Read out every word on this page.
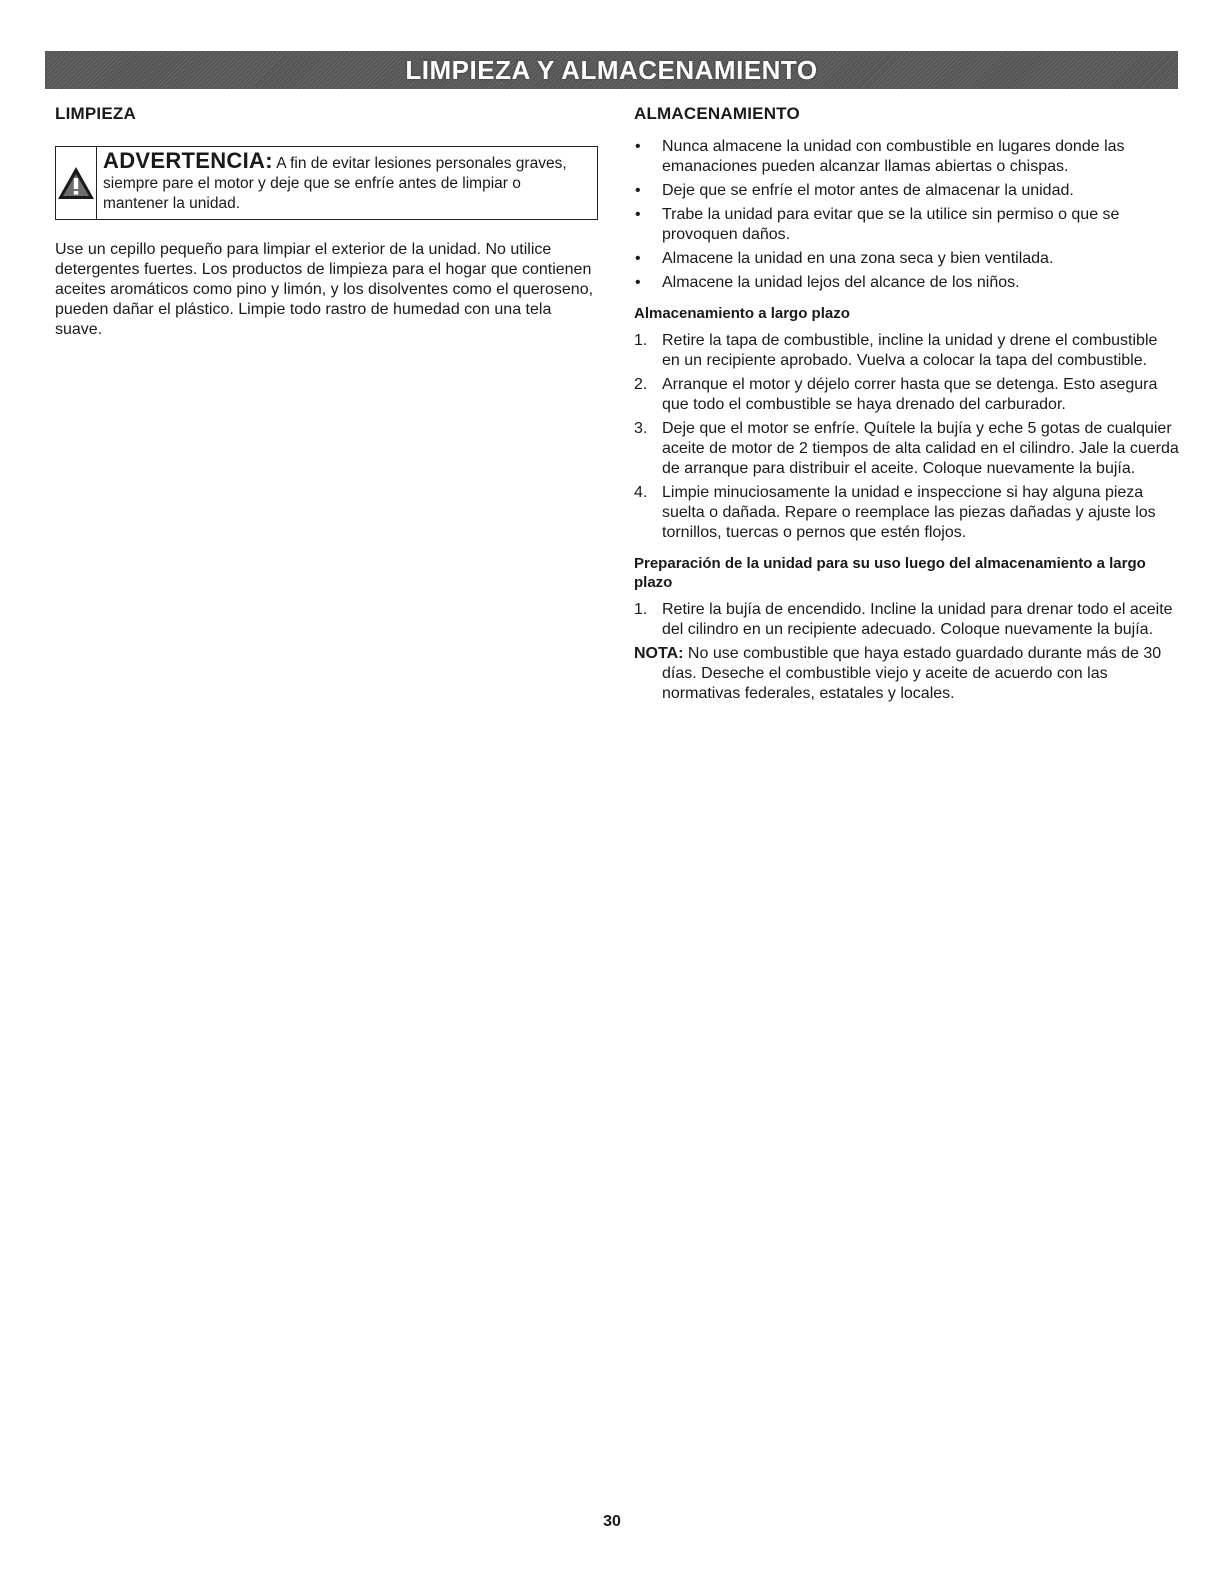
LIMPIEZA Y ALMACENAMIENTO
LIMPIEZA
ADVERTENCIA: A fin de evitar lesiones personales graves, siempre pare el motor y deje que se enfríe antes de limpiar o mantener la unidad.

Use un cepillo pequeño para limpiar el exterior de la unidad. No utilice detergentes fuertes. Los productos de limpieza para el hogar que contienen aceites aromáticos como pino y limón, y los disolventes como el queroseno, pueden dañar el plástico. Limpie todo rastro de humedad con una tela suave.

ALMACENAMIENTO
• Nunca almacene la unidad con combustible en lugares donde las emanaciones pueden alcanzar llamas abiertas o chispas.
• Deje que se enfríe el motor antes de almacenar la unidad.
• Trabe la unidad para evitar que se la utilice sin permiso o que se provoquen daños.
• Almacene la unidad en una zona seca y bien ventilada.
• Almacene la unidad lejos del alcance de los niños.
Almacenamiento a largo plazo
1. Retire la tapa de combustible, incline la unidad y drene el combustible en un recipiente aprobado. Vuelva a colocar la tapa del combustible.
2. Arranque el motor y déjelo correr hasta que se detenga. Esto asegura que todo el combustible se haya drenado del carburador.
3. Deje que el motor se enfríe. Quítele la bujía y eche 5 gotas de cualquier aceite de motor de 2 tiempos de alta calidad en el cilindro. Jale la cuerda de arranque para distribuir el aceite. Coloque nuevamente la bujía.
4. Limpie minuciosamente la unidad e inspeccione si hay alguna pieza suelta o dañada. Repare o reemplace las piezas dañadas y ajuste los tornillos, tuercas o pernos que estén flojos.
Preparación de la unidad para su uso luego del almacenamiento a largo plazo
1. Retire la bujía de encendido. Incline la unidad para drenar todo el aceite del cilindro en un recipiente adecuado. Coloque nuevamente la bujía.
NOTA: No use combustible que haya estado guardado durante más de 30 días. Deseche el combustible viejo y aceite de acuerdo con las normativas federales, estatales y locales.
30
